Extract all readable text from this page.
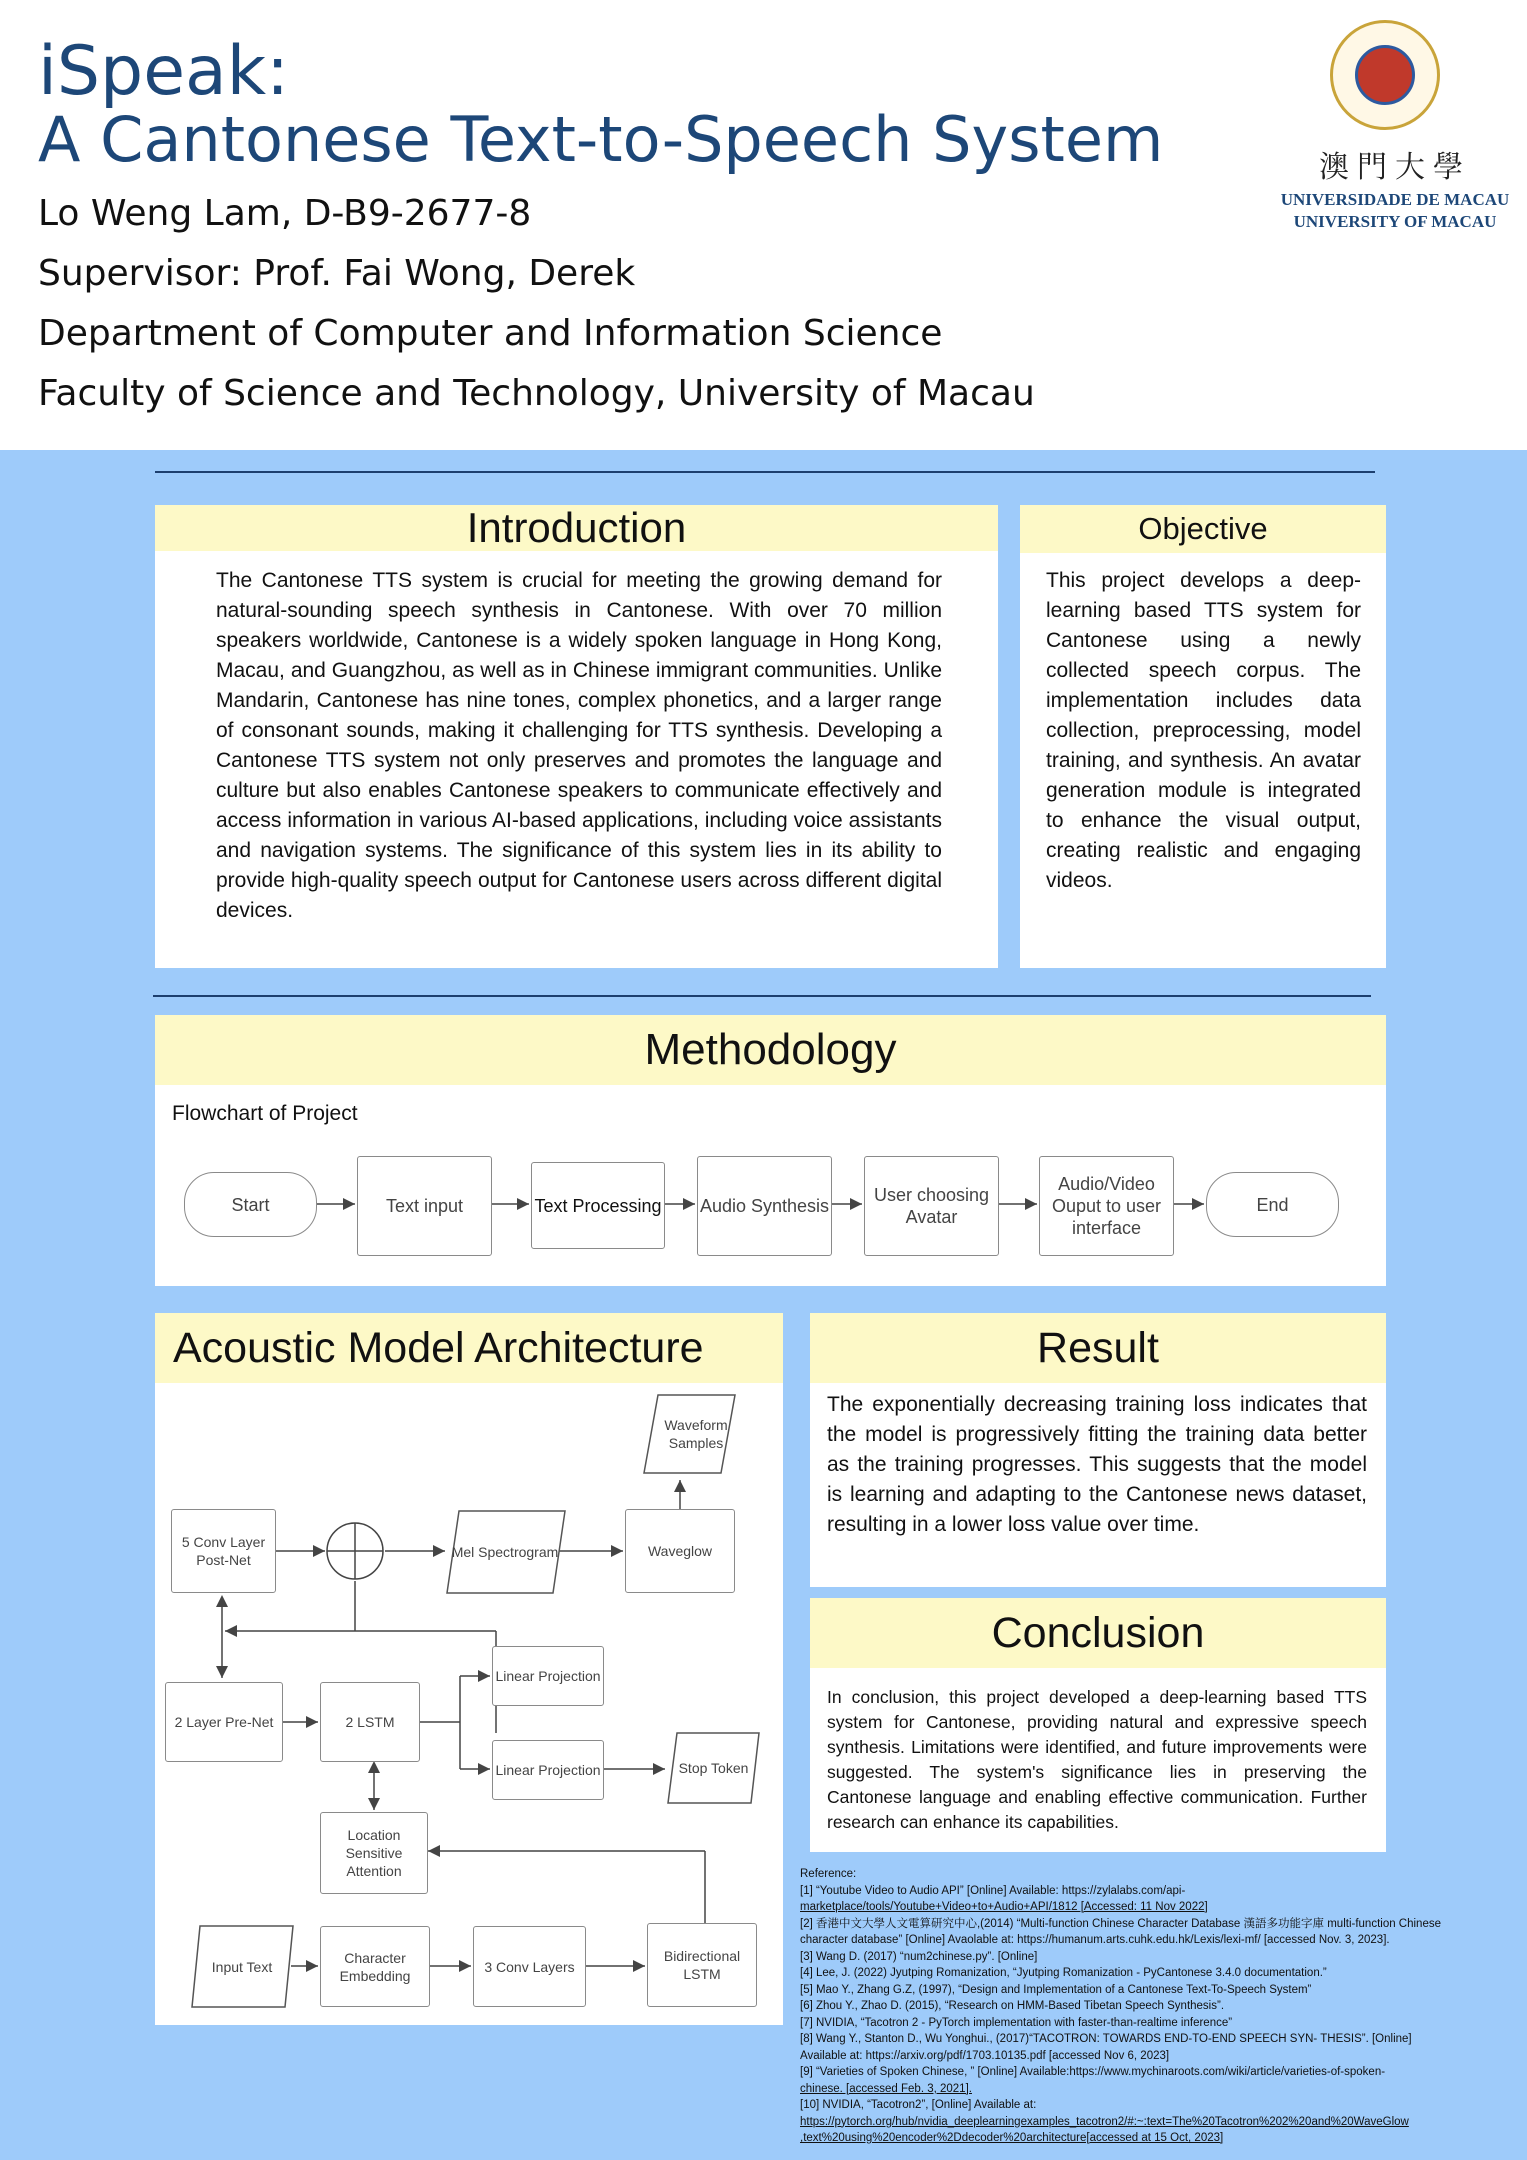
iSpeak:
A Cantonese Text-to-Speech System
Lo Weng Lam, D-B9-2677-8
Supervisor: Prof. Fai Wong, Derek
Department of Computer and Information Science
Faculty of Science and Technology, University of Macau
澳門大學
UNIVERSIDADE DE MACAU
UNIVERSITY OF MACAU
Introduction
The Cantonese TTS system is crucial for meeting the growing demand for natural-sounding speech synthesis in Cantonese. With over 70 million speakers worldwide, Cantonese is a widely spoken language in Hong Kong, Macau, and Guangzhou, as well as in Chinese immigrant communities. Unlike Mandarin, Cantonese has nine tones, complex phonetics, and a larger range of consonant sounds, making it challenging for TTS synthesis. Developing a Cantonese TTS system not only preserves and promotes the language and culture but also enables Cantonese speakers to communicate effectively and access information in various AI-based applications, including voice assistants and navigation systems. The significance of this system lies in its ability to provide high-quality speech output for Cantonese users across different digital devices.
Objective
This project develops a deep-learning based TTS system for Cantonese using a newly collected speech corpus. The implementation includes data collection, preprocessing, model training, and synthesis. An avatar generation module is integrated to enhance the visual output, creating realistic and engaging videos.
Methodology
Flowchart of Project
Start	Text input	Text Processing Audio Synthesis
User choosing Avatar
Audio/Video Ouput to user interface
End
Acoustic Model Architecture
Waveform Samples
5 Conv Layer Post-Net	Mel Spectrogram	Waveglow
Linear Projection
2 Layer Pre-Net	2 LSTM
Linear Projection	Stop Token
Location Sensitive Attention
Input Text
Character Embedding
3 Conv Layers
Bidirectional LSTM
Result
The exponentially decreasing training loss indicates that the model is progressively fitting the training data better as the training progresses. This suggests that the model is learning and adapting to the Cantonese news dataset, resulting in a lower loss value over time.
Conclusion
In conclusion, this project developed a deep-learning based TTS system for Cantonese, providing natural and expressive speech synthesis. Limitations were identified, and future improvements were suggested. The system's significance lies in preserving the Cantonese language and enabling effective communication. Further research can enhance its capabilities.
Reference:
[1] “Youtube Video to Audio API” [Online] Available: https://zylalabs.com/api-
marketplace/tools/Youtube+Video+to+Audio+API/1812 [Accessed: 11 Nov 2022]
[2] 香港中文大學人文電算研究中心,(2014) “Multi-function Chinese Character Database 漢語多功能字庫 multi-function Chinese
character database” [Online] Avaolable at: https://humanum.arts.cuhk.edu.hk/Lexis/lexi-mf/ [accessed Nov. 3, 2023].
[3] Wang D. (2017) “num2chinese.py”. [Online]
[4] Lee, J. (2022) Jyutping Romanization, “Jyutping Romanization - PyCantonese 3.4.0 documentation.”
[5] Mao Y., Zhang G.Z, (1997), “Design and Implementation of a Cantonese Text-To-Speech System”
[6] Zhou Y., Zhao D. (2015), “Research on HMM-Based Tibetan Speech Synthesis”.
[7] NVIDIA, “Tacotron 2 - PyTorch implementation with faster-than-realtime inference”
[8] Wang Y., Stanton D., Wu Yonghui., (2017)“TACOTRON: TOWARDS END-TO-END SPEECH SYN- THESIS”. [Online]
Available at: https://arxiv.org/pdf/1703.10135.pdf [accessed Nov 6, 2023]
[9] “Varieties of Spoken Chinese, ” [Online] Available:https://www.mychinaroots.com/wiki/article/varieties-of-spoken-
chinese. [accessed Feb. 3, 2021].
[10] NVIDIA, “Tacotron2”, [Online] Available at:
https://pytorch.org/hub/nvidia_deeplearningexamples_tacotron2/#:~:text=The%20Tacotron%202%20and%20WaveGlow
,text%20using%20encoder%2Ddecoder%20architecture[accessed at 15 Oct, 2023]
